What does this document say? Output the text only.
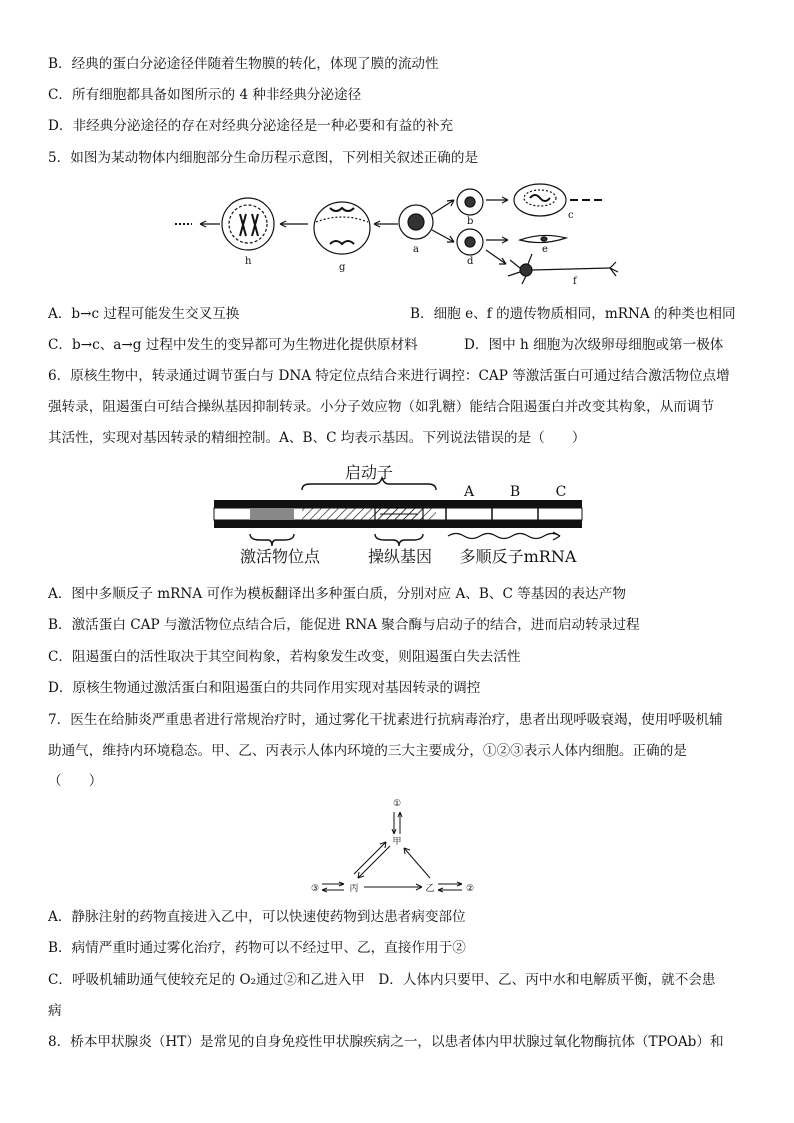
B．经典的蛋白分泌途径伴随着生物膜的转化，体现了膜的流动性
C．所有细胞都具备如图所示的 4 种非经典分泌途径
D．非经典分泌途径的存在对经典分泌途径是一种必要和有益的补充
5．如图为某动物体内细胞部分生命历程示意图，下列相关叙述正确的是
h
g
a
b
c
d
e
f
A．b→c 过程可能发生交叉互换	B．细胞 e、f 的遗传物质相同，mRNA 的种类也相同
C．b→c、a→g 过程中发生的变异都可为生物进化提供原材料	D．图中 h 细胞为次级卵母细胞或第一极体
6．原核生物中，转录通过调节蛋白与 DNA 特定位点结合来进行调控：CAP 等激活蛋白可通过结合激活物位点增
强转录，阻遏蛋白可结合操纵基因抑制转录。小分子效应物（如乳糖）能结合阻遏蛋白并改变其构象，从而调节
其活性，实现对基因转录的精细控制。A、B、C 均表示基因。下列说法错误的是（　　）
启动子
A	B	C
激活物位点	操纵基因 多顺反子mRNA
A．图中多顺反子 mRNA 可作为模板翻译出多种蛋白质，分别对应 A、B、C 等基因的表达产物
B．激活蛋白 CAP 与激活物位点结合后，能促进 RNA 聚合酶与启动子的结合，进而启动转录过程
C．阻遏蛋白的活性取决于其空间构象，若构象发生改变，则阻遏蛋白失去活性
D．原核生物通过激活蛋白和阻遏蛋白的共同作用实现对基因转录的调控
7．医生在给肺炎严重患者进行常规治疗时，通过雾化干扰素进行抗病毒治疗，患者出现呼吸衰竭，使用呼吸机辅
助通气，维持内环境稳态。甲、乙、丙表示人体内环境的三大主要成分，①②③表示人体内细胞。正确的是
（　　）
①
甲
丙	乙
③	②
A．静脉注射的药物直接进入乙中，可以快速使药物到达患者病变部位
B．病情严重时通过雾化治疗，药物可以不经过甲、乙，直接作用于②
C．呼吸机辅助通气使较充足的 O₂通过②和乙进入甲　D．人体内只要甲、乙、丙中水和电解质平衡，就不会患
病
8．桥本甲状腺炎（HT）是常见的自身免疫性甲状腺疾病之一，以患者体内甲状腺过氧化物酶抗体（TPOAb）和
